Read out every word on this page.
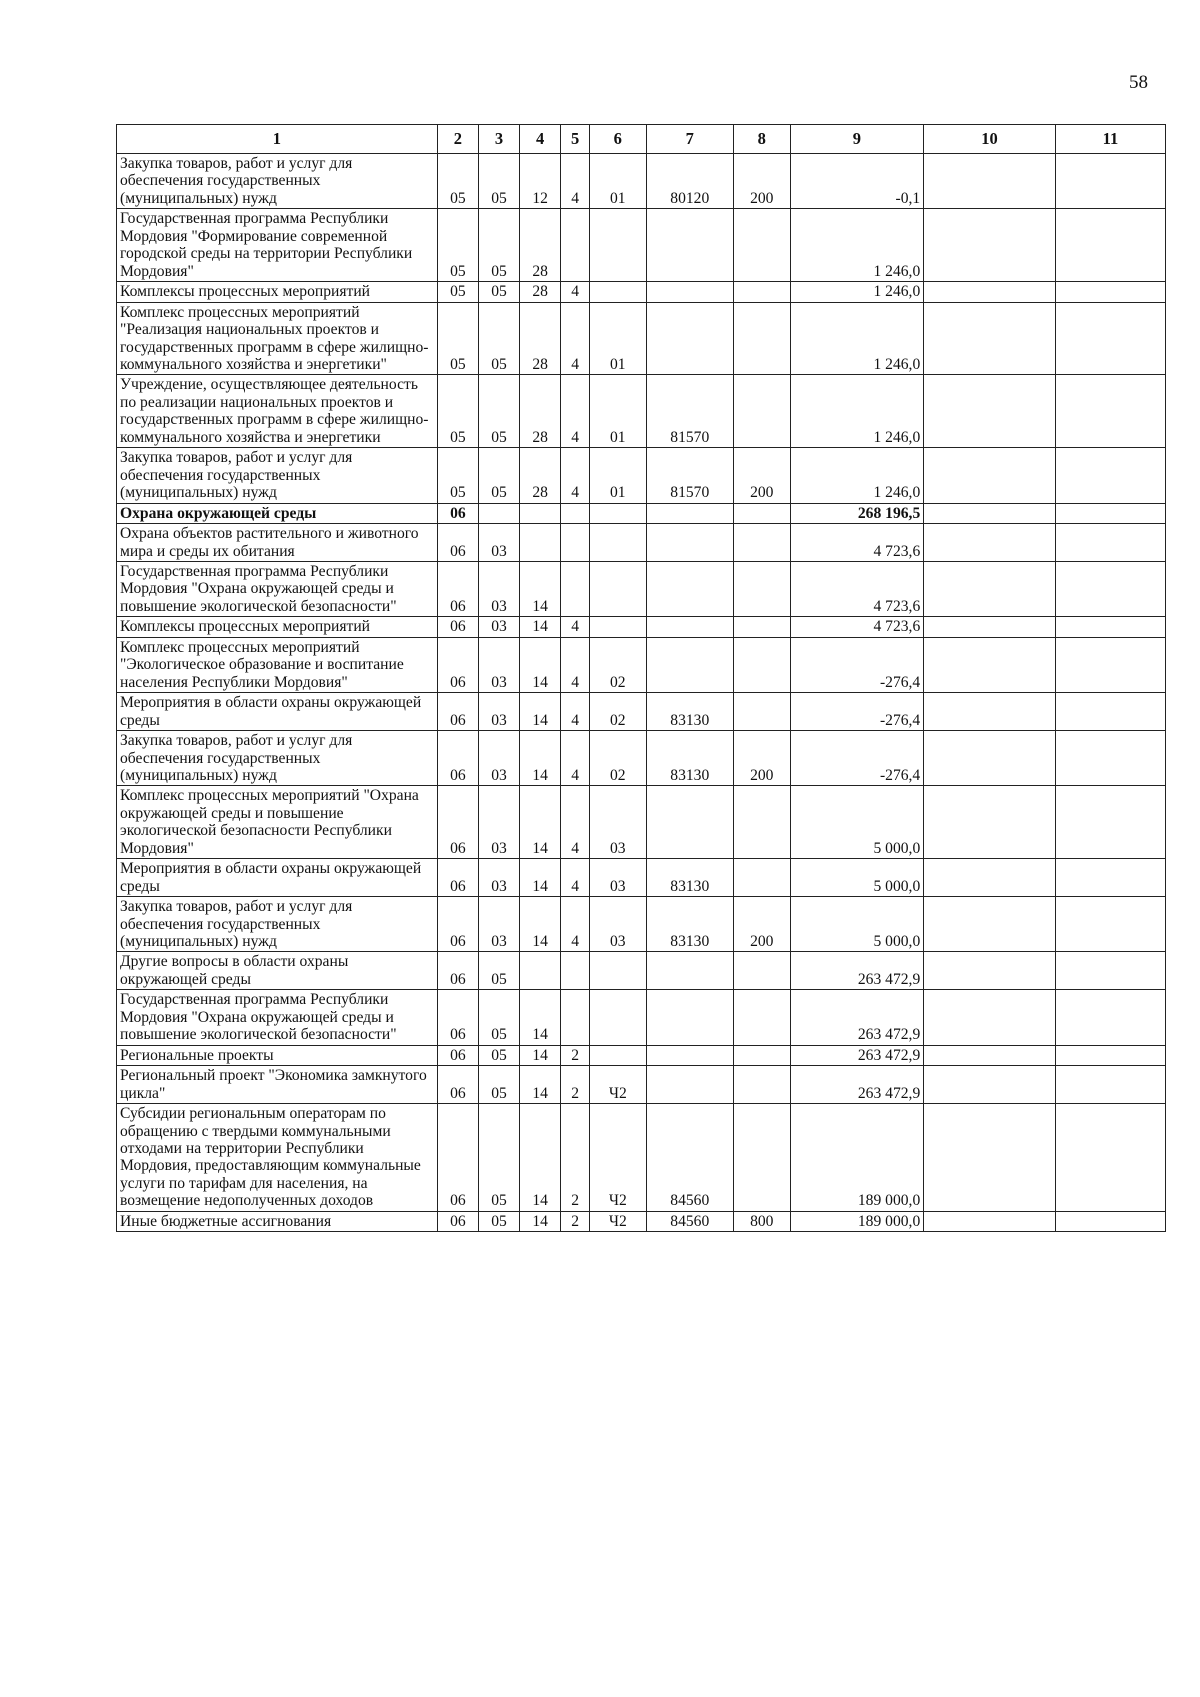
58
1	2	3	4	5	6	7	8	9	10	11
Закупка товаров, работ и услуг для обеспечения государственных (муниципальных) нужд	05	05	12	4	01	80120	200	-0,1		
Государственная программа Республики Мордовия "Формирование современной городской среды на территории Республики Мордовия"	05	05	28					1 246,0		
Комплексы процессных мероприятий	05	05	28	4				1 246,0		
Комплекс процессных мероприятий "Реализация национальных проектов и государственных программ в сфере жилищно-коммунального хозяйства и энергетики"	05	05	28	4	01			1 246,0		
Учреждение, осуществляющее деятельность по реализации национальных проектов и государственных программ в сфере жилищно-коммунального хозяйства и энергетики	05	05	28	4	01	81570		1 246,0		
Закупка товаров, работ и услуг для обеспечения государственных (муниципальных) нужд	05	05	28	4	01	81570	200	1 246,0		
Охрана окружающей среды	06							268 196,5		
Охрана объектов растительного и животного мира и среды их обитания	06	03						4 723,6		
Государственная программа Республики Мордовия "Охрана окружающей среды и повышение экологической безопасности"	06	03	14					4 723,6		
Комплексы процессных мероприятий	06	03	14	4				4 723,6		
Комплекс процессных мероприятий "Экологическое образование и воспитание населения Республики Мордовия"	06	03	14	4	02			-276,4		
Мероприятия в области охраны окружающей среды	06	03	14	4	02	83130		-276,4		
Закупка товаров, работ и услуг для обеспечения государственных (муниципальных) нужд	06	03	14	4	02	83130	200	-276,4		
Комплекс процессных мероприятий "Охрана окружающей среды и повышение экологической безопасности Республики Мордовия"	06	03	14	4	03			5 000,0		
Мероприятия в области охраны окружающей среды	06	03	14	4	03	83130		5 000,0		
Закупка товаров, работ и услуг для обеспечения государственных (муниципальных) нужд	06	03	14	4	03	83130	200	5 000,0		
Другие вопросы в области охраны окружающей среды	06	05						263 472,9		
Государственная программа Республики Мордовия "Охрана окружающей среды и повышение экологической безопасности"	06	05	14					263 472,9		
Региональные проекты	06	05	14	2				263 472,9		
Региональный проект "Экономика замкнутого цикла"	06	05	14	2	Ч2			263 472,9		
Субсидии региональным операторам по обращению с твердыми коммунальными отходами на территории Республики Мордовия, предоставляющим коммунальные услуги по тарифам для населения, на возмещение недополученных доходов	06	05	14	2	Ч2	84560		189 000,0		
Иные бюджетные ассигнования	06	05	14	2	Ч2	84560	800	189 000,0		
